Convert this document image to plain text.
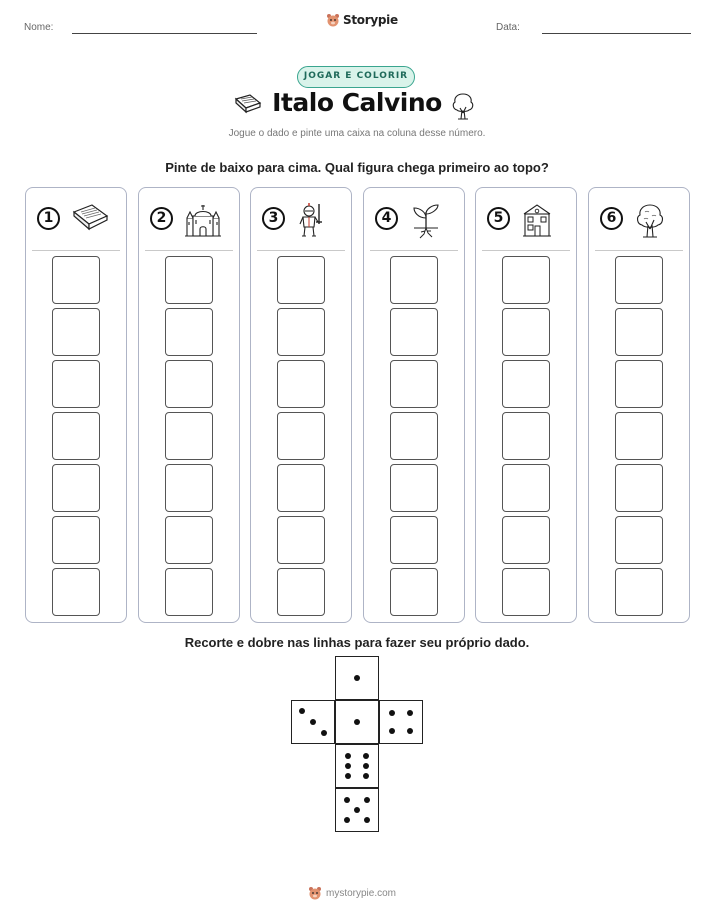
Nome:
Storypie
Data:
JOGAR E COLORIR
Italo Calvino
Jogue o dado e pinte uma caixa na coluna desse número.
Pinte de baixo para cima. Qual figura chega primeiro ao topo?
1	2	3	4	5	6
Recorte e dobre nas linhas para fazer seu próprio dado.
mystorypie.com
